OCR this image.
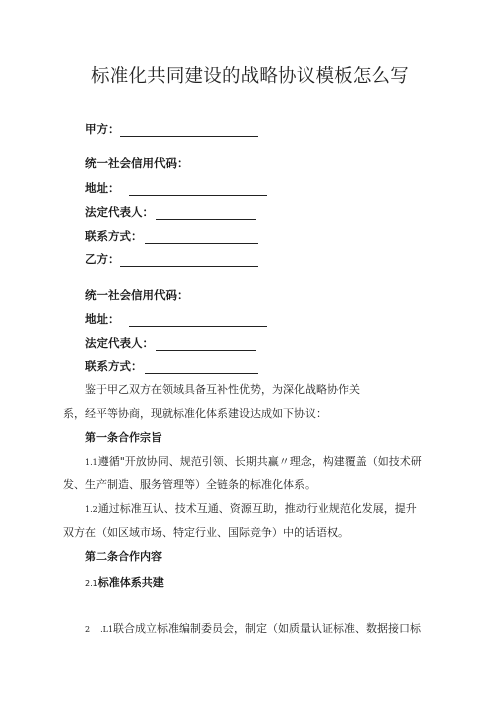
标准化共同建设的战略协议模板怎么写
甲方：
统一社会信用代码：
地址：
法定代表人：
联系方式：
乙方：
统一社会信用代码：
地址：
法定代表人：
联系方式：
鉴于甲乙双方在领域具备互补性优势，为深化战略协作关
系，经平等协商，现就标准化体系建设达成如下协议：
第一条合作宗旨
1.1遵循"开放协同、规范引领、长期共赢〃理念，构建覆盖（如技术研
发、生产制造、服务管理等）全链条的标准化体系。
1.2通过标准互认、技术互通、资源互助，推动行业规范化发展，提升
双方在（如区域市场、特定行业、国际竞争）中的话语权。
第二条合作内容
2.1标准体系共建
2 .L1联合成立标准编制委员会，制定（如质量认证标准、数据接口标
